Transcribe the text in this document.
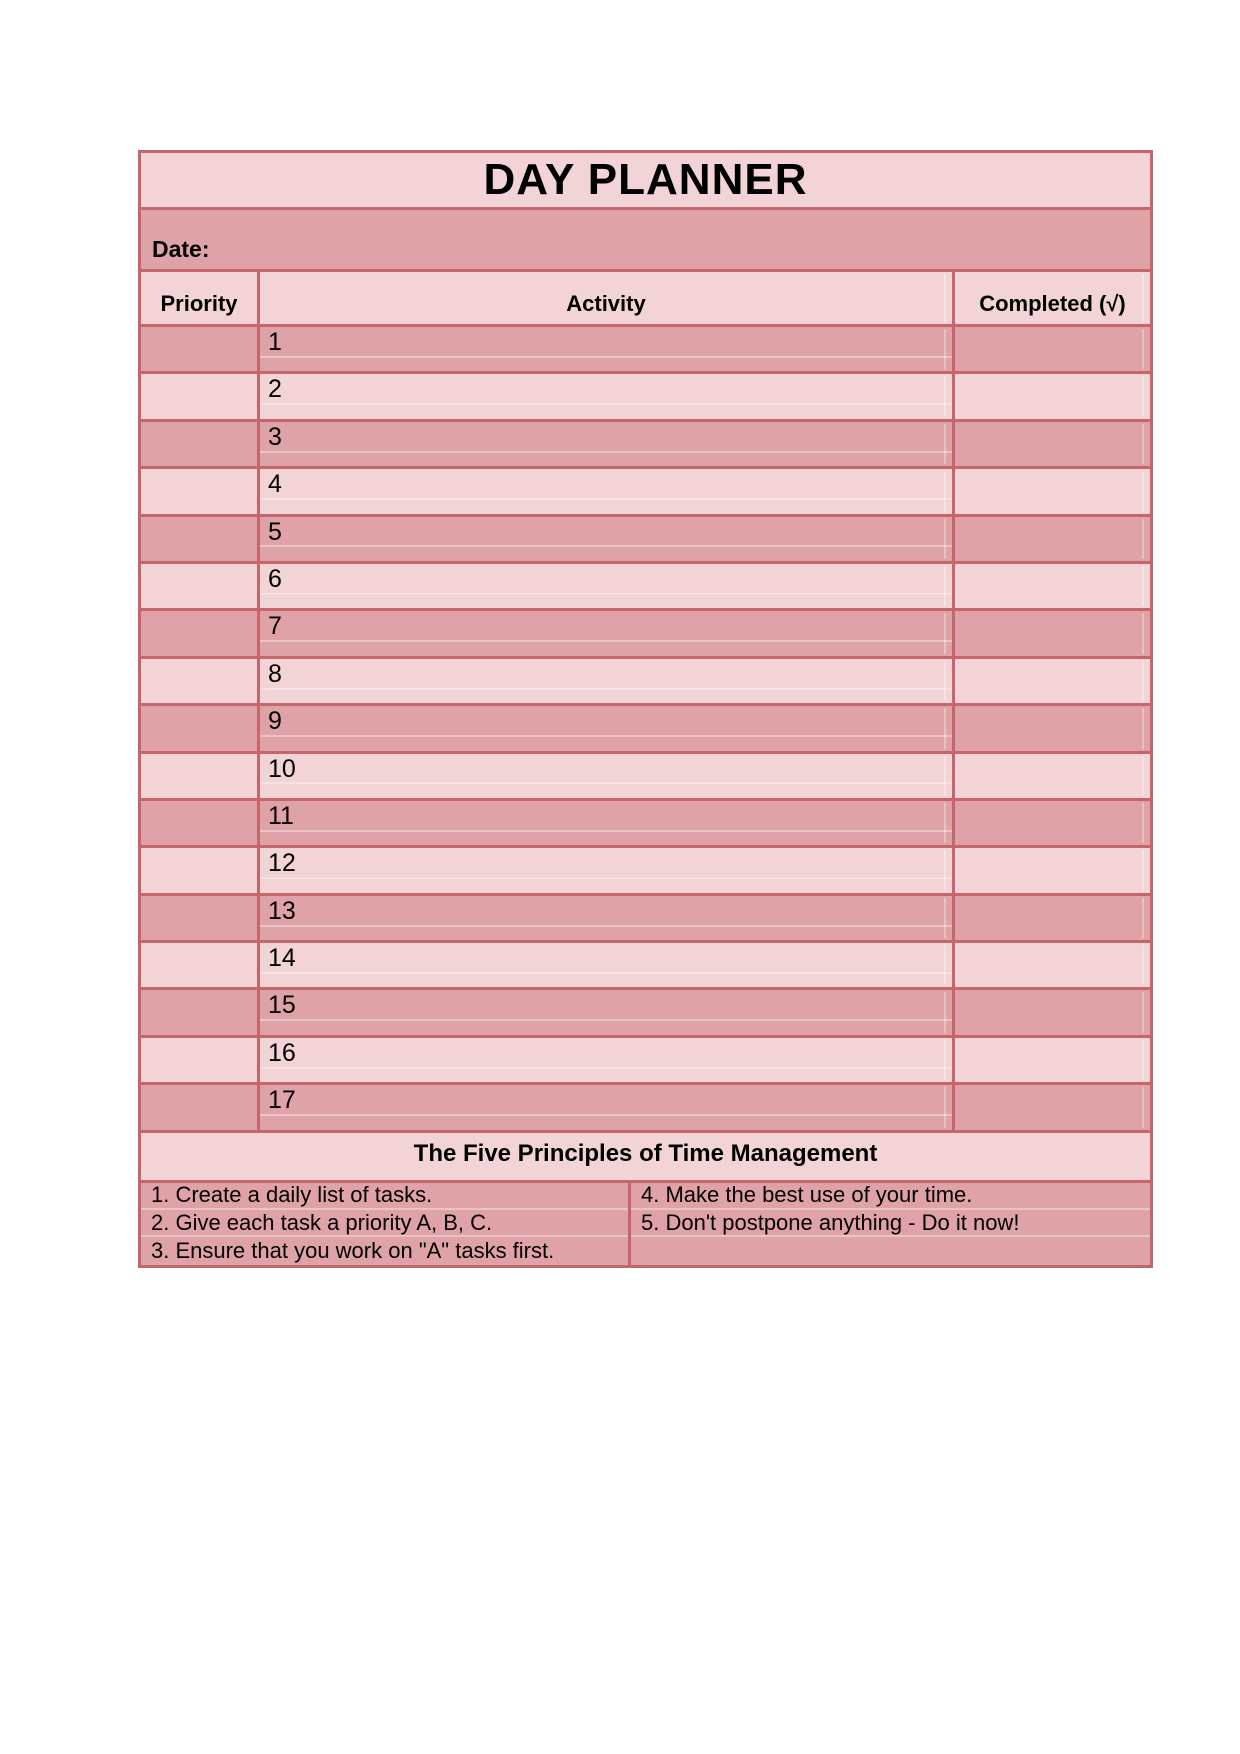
DAY PLANNER
Date:
Priority	Activity	Completed (√)
1
2
3
4
5
6
7
8
9
10
11
12
13
14
15
16
17
The Five Principles of Time Management
1. Create a daily list of tasks.
2. Give each task a priority A, B, C.
3. Ensure that you work on "A" tasks first.
4. Make the best use of your time.
5. Don't postpone anything - Do it now!
